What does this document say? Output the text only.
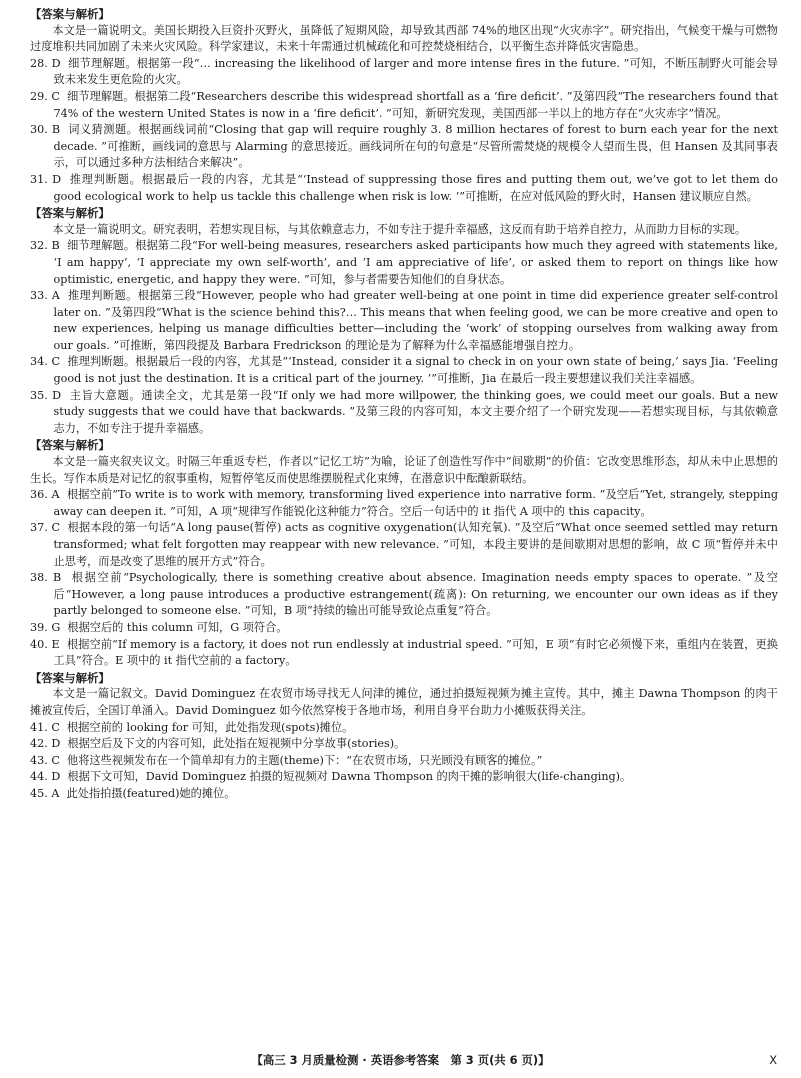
【答案与解析】

本文是一篇说明文。美国长期投入巨资扑灭野火，虽降低了短期风险，却导致其西部 74%的地区出现“火灾赤字”。研究指出，气候变干燥与可燃物过度堆积共同加剧了未来火灾风险。科学家建议，未来十年需通过机械疏化和可控焚烧相结合，以平衡生态并降低灾害隐患。

28. D 细节理解题。根据第一段“… increasing the likelihood of larger and more intense fires in the future. ”可知，不断压制野火可能会导致未来发生更危险的火灾。

29. C 细节理解题。根据第二段“Researchers describe this widespread shortfall as a ‘fire deficit’. ”及第四段“The researchers found that 74% of the western United States is now in a ‘fire deficit’. ”可知，新研究发现，美国西部一半以上的地方存在“火灾赤字”情况。

30. B 词义猜测题。根据画线词前“Closing that gap will require roughly 3. 8 million hectares of forest to burn each year for the next decade. ”可推断，画线词的意思与 Alarming 的意思接近。画线词所在句的句意是“尽管所需焚烧的规模令人望而生畏，但 Hansen 及其同事表示，可以通过多种方法相结合来解决”。

31. D 推理判断题。根据最后一段的内容，尤其是“‘Instead of suppressing those fires and putting them out, we’ve got to let them do good ecological work to help us tackle this challenge when risk is low. ’”可推断，在应对低风险的野火时，Hansen 建议顺应自然。

【答案与解析】

本文是一篇说明文。研究表明，若想实现目标，与其依赖意志力，不如专注于提升幸福感，这反而有助于培养自控力，从而助力目标的实现。

32. B 细节理解题。根据第二段“For well-being measures, researchers asked participants how much they agreed with statements like, ‘I am happy’, ‘I appreciate my own self-worth’, and ‘I am appreciative of life’, or asked them to report on things like how optimistic, energetic, and happy they were. ”可知，参与者需要告知他们的自身状态。

33. A 推理判断题。根据第三段“However, people who had greater well-being at one point in time did experience greater self-control later on. ”及第四段“What is the science behind this?… This means that when feeling good, we can be more creative and open to new experiences, helping us manage difficulties better—including the ‘work’ of stopping ourselves from walking away from our goals. ”可推断，第四段提及 Barbara Fredrickson 的理论是为了解释为什么幸福感能增强自控力。

34. C 推理判断题。根据最后一段的内容，尤其是“‘Instead, consider it a signal to check in on your own state of being,’ says Jia. ‘Feeling good is not just the destination. It is a critical part of the journey. ’”可推断，Jia 在最后一段主要想建议我们关注幸福感。

35. D 主旨大意题。通读全文，尤其是第一段“If only we had more willpower, the thinking goes, we could meet our goals. But a new study suggests that we could have that backwards. ”及第三段的内容可知，本文主要介绍了一个研究发现——若想实现目标，与其依赖意志力，不如专注于提升幸福感。

【答案与解析】

本文是一篇夹叙夹议文。时隔三年重返专栏，作者以“记忆工坊”为喻，论证了创造性写作中“间歇期”的价值：它改变思维形态，却从未中止思想的生长。写作本质是对记忆的叙事重构，短暂停笔反而使思维摆脱程式化束缚，在潜意识中酝酿新联结。

36. A 根据空前“To write is to work with memory, transforming lived experience into narrative form. ”及空后“Yet, strangely, stepping away can deepen it. ”可知，A 项“规律写作能锐化这种能力”符合。空后一句话中的 it 指代 A 项中的 this capacity。

37. C 根据本段的第一句话“A long pause(暂停) acts as cognitive oxygenation(认知充氧). ”及空后“What once seemed settled may return transformed; what felt forgotten may reappear with new relevance. ”可知，本段主要讲的是间歇期对思想的影响，故 C 项“暂停并未中止思考，而是改变了思维的展开方式”符合。

38. B 根据空前“Psychologically, there is something creative about absence. Imagination needs empty spaces to operate. ”及空后“However, a long pause introduces a productive estrangement(疏离): On returning, we encounter our own ideas as if they partly belonged to someone else. ”可知，B 项“持续的输出可能导致论点重复”符合。

39. G 根据空后的 this column 可知，G 项符合。

40. E 根据空前“If memory is a factory, it does not run endlessly at industrial speed. ”可知，E 项“有时它必须慢下来，重组内在装置，更换工具”符合。E 项中的 it 指代空前的 a factory。

【答案与解析】

本文是一篇记叙文。David Dominguez 在农贸市场寻找无人问津的摊位，通过拍摄短视频为摊主宣传。其中，摊主 Dawna Thompson 的肉干摊被宣传后，全国订单涌入。David Dominguez 如今依然穿梭于各地市场，利用自身平台助力小摊贩获得关注。

41. C 根据空前的 looking for 可知，此处指发现(spots)摊位。

42. D 根据空后及下文的内容可知，此处指在短视频中分享故事(stories)。

43. C 他将这些视频发布在一个简单却有力的主题(theme)下：“在农贸市场，只光顾没有顾客的摊位。”

44. D 根据下文可知，David Dominguez 拍摄的短视频对 Dawna Thompson 的肉干摊的影响很大(life-changing)。

45. A 此处指拍摄(featured)她的摊位。

【高三 3 月质量检测 · 英语参考答案　第 3 页(共 6 页)】	X
